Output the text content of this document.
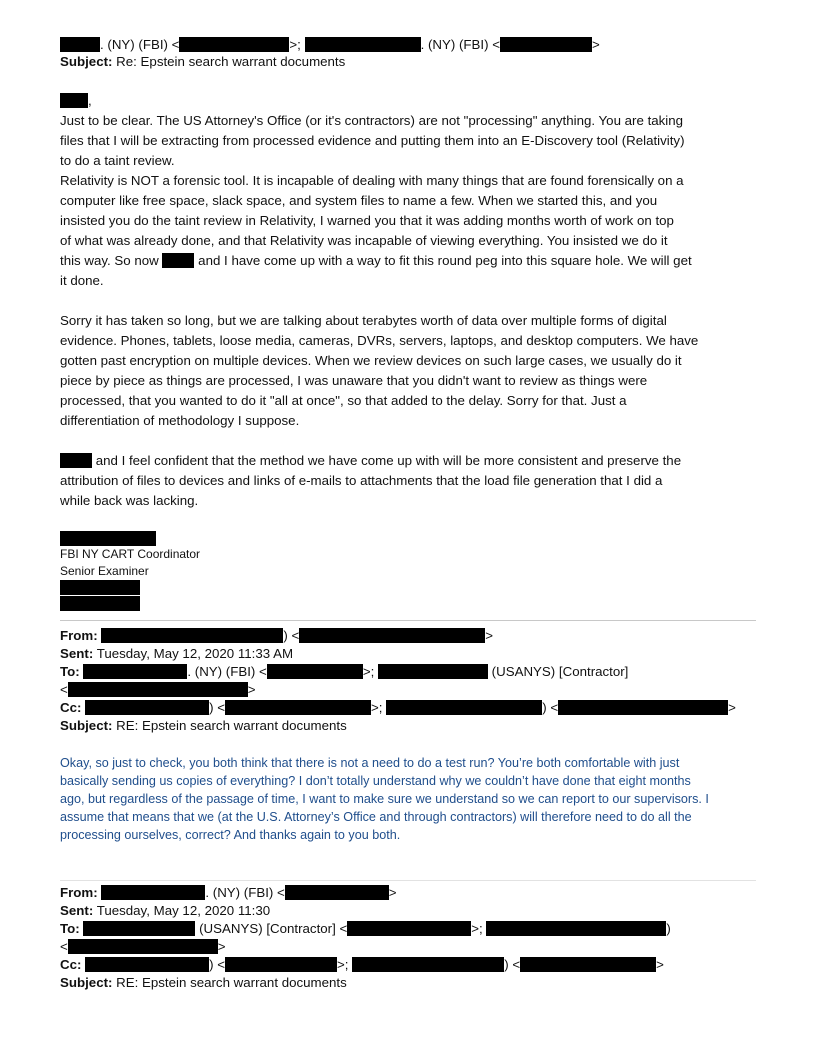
. (NY) (FBI) <	>;	. (NY) (FBI) <	>
Subject: Re: Epstein search warrant documents
,
Just to be clear. The US Attorney's Office (or it's contractors) are not "processing" anything. You are taking
files that I will be extracting from processed evidence and putting them into an E-Discovery tool (Relativity)
to do a taint review.
Relativity is NOT a forensic tool. It is incapable of dealing with many things that are found forensically on a
computer like free space, slack space, and system files to name a few. When we started this, and you
insisted you do the taint review in Relativity, I warned you that it was adding months worth of work on top
of what was already done, and that Relativity was incapable of viewing everything. You insisted we do it
this way. So now  and I have come up with a way to fit this round peg into this square hole. We will get
it done.
Sorry it has taken so long, but we are talking about terabytes worth of data over multiple forms of digital
evidence. Phones, tablets, loose media, cameras, DVRs, servers, laptops, and desktop computers. We have
gotten past encryption on multiple devices. When we review devices on such large cases, we usually do it
piece by piece as things are processed, I was unaware that you didn't want to review as things were
processed, that you wanted to do it "all at once", so that added to the delay. Sorry for that. Just a
differentiation of methodology I suppose.
and I feel confident that the method we have come up with will be more consistent and preserve the
attribution of files to devices and links of e-mails to attachments that the load file generation that I did a
while back was lacking.
FBI NY CART Coordinator
Senior Examiner
From:	) <	>
Sent: Tuesday, May 12, 2020 11:33 AM
To:	. (NY) (FBI) <	>;	(USANYS) [Contractor]
<	>
Cc:	) <	>;	) <	>
Subject: RE: Epstein search warrant documents
Okay, so just to check, you both think that there is not a need to do a test run? You’re both comfortable with just
basically sending us copies of everything? I don’t totally understand why we couldn’t have done that eight months
ago, but regardless of the passage of time, I want to make sure we understand so we can report to our supervisors. I
assume that means that we (at the U.S. Attorney’s Office and through contractors) will therefore need to do all the
processing ourselves, correct? And thanks again to you both.
From:	. (NY) (FBI) <	>
Sent: Tuesday, May 12, 2020 11:30
To:	(USANYS) [Contractor] <	>;	)
<	>
Cc:	) <	>;	) <	>
Subject: RE: Epstein search warrant documents
